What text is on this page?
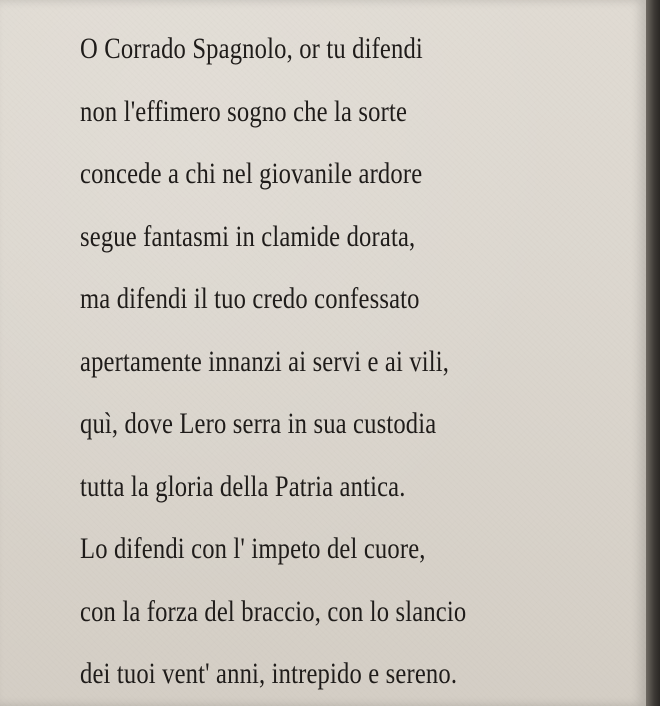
O Corrado Spagnolo, or tu difendi
non l'effimero sogno che la sorte
concede a chi nel giovanile ardore
segue fantasmi in clamide dorata,
ma difendi il tuo credo confessato
apertamente innanzi ai servi e ai vili,
quì, dove Lero serra in sua custodia
tutta la gloria della Patria antica.
Lo difendi con l' impeto del cuore,
con la forza del braccio, con lo slancio
dei tuoi vent' anni, intrepido e sereno.
